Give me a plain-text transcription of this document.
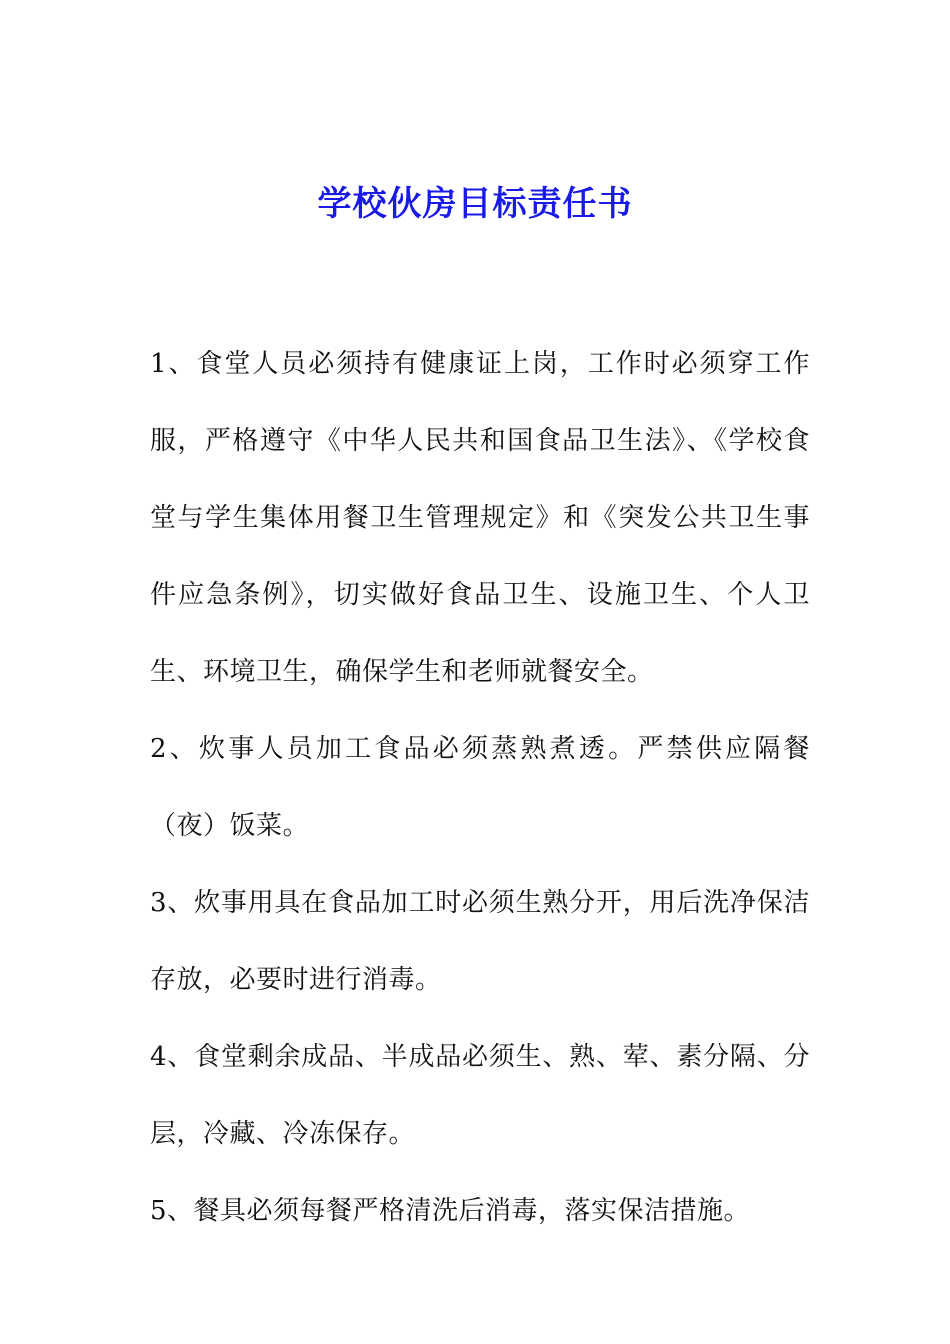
学校伙房目标责任书

1、食堂人员必须持有健康证上岗，工作时必须穿工作服，严格遵守《中华人民共和国食品卫生法》、《学校食堂与学生集体用餐卫生管理规定》和《突发公共卫生事件应急条例》，切实做好食品卫生、设施卫生、个人卫生、环境卫生，确保学生和老师就餐安全。

2、炊事人员加工食品必须蒸熟煮透。严禁供应隔餐（夜）饭菜。

3、炊事用具在食品加工时必须生熟分开，用后洗净保洁存放，必要时进行消毒。

4、食堂剩余成品、半成品必须生、熟、荤、素分隔、分层，冷藏、冷冻保存。

5、餐具必须每餐严格清洗后消毒，落实保洁措施。
